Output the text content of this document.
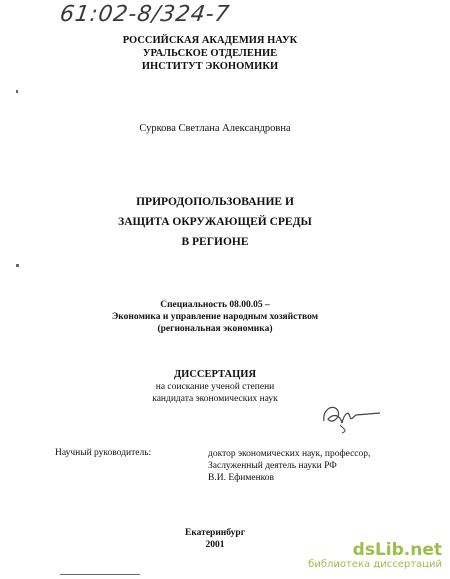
61:02-8/324-7
РОССИЙСКАЯ АКАДЕМИЯ НАУК
УРАЛЬСКОЕ ОТДЕЛЕНИЕ
ИНСТИТУТ ЭКОНОМИКИ
Суркова Светлана Александровна
ПРИРОДОПОЛЬЗОВАНИЕ И
ЗАЩИТА ОКРУЖАЮЩЕЙ СРЕДЫ
В РЕГИОНЕ
Специальность 08.00.05 –
Экономика и управление народным хозяйством
(региональная экономика)
ДИССЕРТАЦИЯ
на соискание ученой степени
кандидата экономических наук
Научный руководитель:	доктор экономических наук, профессор,
Заслуженный деятель науки РФ
В.И. Ефименков
Екатеринбург
2001	dsLib.net
библиотека диссертаций
